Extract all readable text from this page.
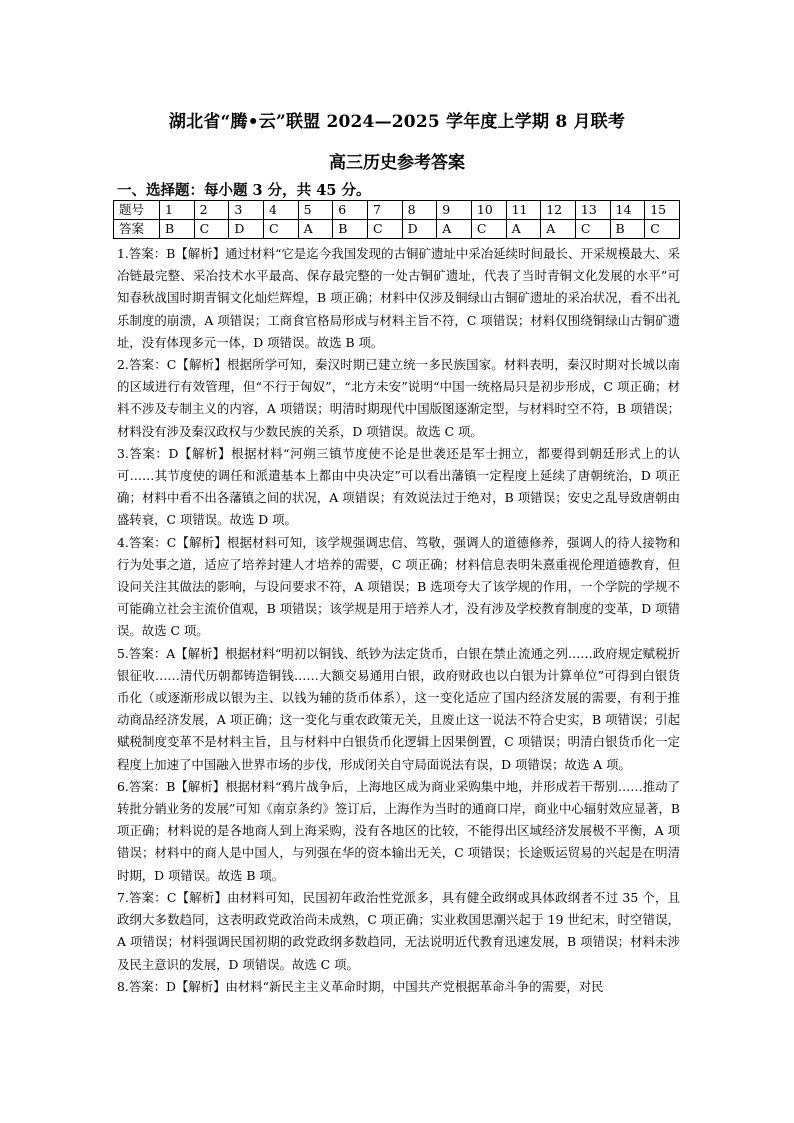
湖北省“腾•云”联盟 2024—2025 学年度上学期 8 月联考
高三历史参考答案
一、选择题：每小题 3 分，共 45 分。
题号	1	2	3	4	5	6	7	8	9	10	11	12	13	14	15
答案	B	C	D	C	A	B	C	D	A	C	A	A	C	B	C

1.答案：B【解析】通过材料“它是迄今我国发现的古铜矿遗址中采冶延续时间最长、开采规模最大、采冶链最完整、采冶技术水平最高、保存最完整的一处古铜矿遗址，代表了当时青铜文化发展的水平”可知春秋战国时期青铜文化灿烂辉煌，B 项正确；材料中仅涉及铜绿山古铜矿遗址的采冶状况，看不出礼乐制度的崩溃，A 项错误；工商食官格局形成与材料主旨不符，C 项错误；材料仅围绕铜绿山古铜矿遗址，没有体现多元一体，D 项错误。故选 B 项。

2.答案：C【解析】根据所学可知，秦汉时期已建立统一多民族国家。材料表明，秦汉时期对长城以南的区域进行有效管理，但“不行于匈奴”，“北方未安”说明“中国一统格局只是初步形成，C 项正确；材料不涉及专制主义的内容，A 项错误；明清时期现代中国版图逐渐定型，与材料时空不符，B 项错误；材料没有涉及秦汉政权与少数民族的关系，D 项错误。故选 C 项。

3.答案：D【解析】根据材料“河朔三镇节度使不论是世袭还是军士拥立，都要得到朝廷形式上的认可……其节度使的调任和派遣基本上都由中央决定”可以看出藩镇一定程度上延续了唐朝统治，D 项正确；材料中看不出各藩镇之间的状况，A 项错误；有效说法过于绝对，B 项错误；安史之乱导致唐朝由盛转衰，C 项错误。故选 D 项。

4.答案：C【解析】根据材料可知，该学规强调忠信、笃敬，强调人的道德修养，强调人的待人接物和行为处事之道，适应了培养封建人才培养的需要，C 项正确；材料信息表明朱熹重视伦理道德教育，但设问关注其做法的影响，与设问要求不符，A 项错误；B 选项夸大了该学规的作用，一个学院的学规不可能确立社会主流价值观，B 项错误；该学规是用于培养人才，没有涉及学校教育制度的变革，D 项错误。故选 C 项。

5.答案：A【解析】根据材料“明初以铜钱、纸钞为法定货币，白银在禁止流通之列……政府规定赋税折银征收……清代历朝都铸造铜钱……大额交易通用白银，政府财政也以白银为计算单位”可得到白银货币化（或逐渐形成以银为主、以钱为辅的货币体系），这一变化适应了国内经济发展的需要，有利于推动商品经济发展，A 项正确；这一变化与重农政策无关，且废止这一说法不符合史实，B 项错误；引起赋税制度变革不是材料主旨，且与材料中白银货币化逻辑上因果倒置，C 项错误；明清白银货币化一定程度上加速了中国融入世界市场的步伐，形成闭关自守局面说法有误，D 项错误；故选 A 项。

6.答案：B【解析】根据材料“鸦片战争后，上海地区成为商业采购集中地，并形成若干帮别……推动了转批分销业务的发展”可知《南京条约》签订后，上海作为当时的通商口岸，商业中心辐射效应显著，B 项正确；材料说的是各地商人到上海采购，没有各地区的比较，不能得出区域经济发展极不平衡，A 项错误；材料中的商人是中国人，与列强在华的资本输出无关，C 项错误；长途贩运贸易的兴起是在明清时期，D 项错误。故选 B 项。

7.答案：C【解析】由材料可知，民国初年政治性党派多，具有健全政纲或具体政纲者不过 35 个，且政纲大多数趋同，这表明政党政治尚未成熟，C 项正确；实业救国思潮兴起于 19 世纪末，时空错误，A 项错误；材料强调民国初期的政党政纲多数趋同，无法说明近代教育迅速发展，B 项错误；材料未涉及民主意识的发展，D 项错误。故选 C 项。

8.答案：D【解析】由材料“新民主主义革命时期，中国共产党根据革命斗争的需要，对民
